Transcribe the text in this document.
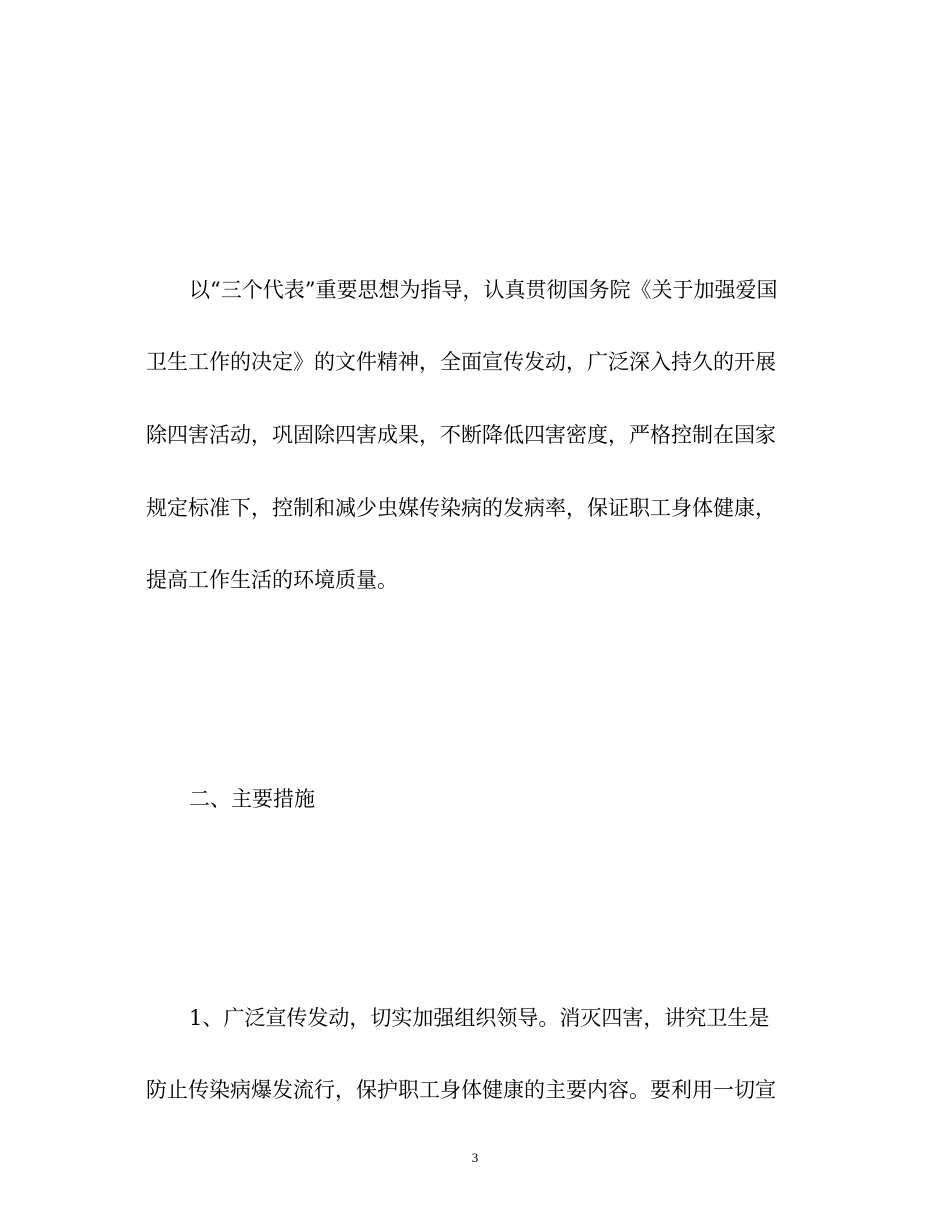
以“三个代表”重要思想为指导，认真贯彻国务院《关于加强爱国
卫生工作的决定》的文件精神，全面宣传发动，广泛深入持久的开展
除四害活动，巩固除四害成果，不断降低四害密度，严格控制在国家
规定标准下，控制和减少虫媒传染病的发病率，保证职工身体健康，
提高工作生活的环境质量。
二、主要措施
1、广泛宣传发动，切实加强组织领导。消灭四害，讲究卫生是
防止传染病爆发流行，保护职工身体健康的主要内容。要利用一切宣
3
